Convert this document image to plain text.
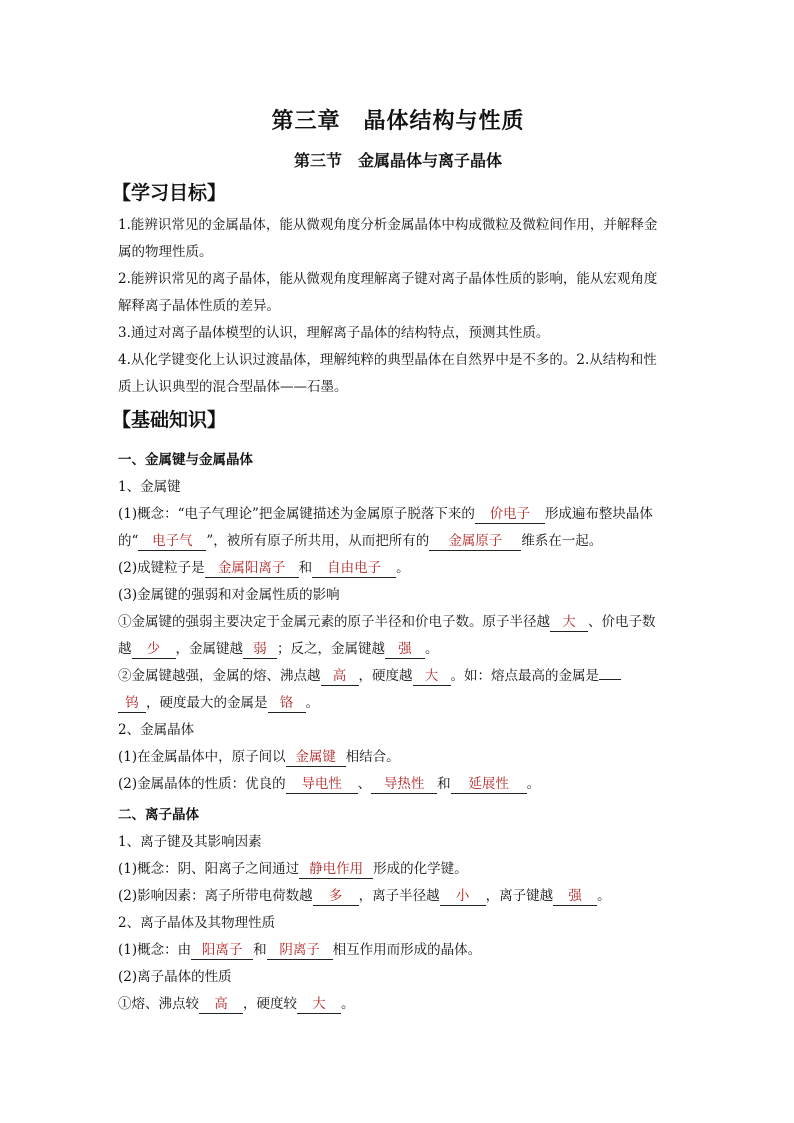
第三章　晶体结构与性质
第三节　金属晶体与离子晶体
【学习目标】
1.能辨识常见的金属晶体，能从微观角度分析金属晶体中构成微粒及微粒间作用，并解释金
属的物理性质。
2.能辨识常见的离子晶体，能从微观角度理解离子键对离子晶体性质的影响，能从宏观角度
解释离子晶体性质的差异。
3.通过对离子晶体模型的认识，理解离子晶体的结构特点，预测其性质。
4.从化学键变化上认识过渡晶体，理解纯粹的典型晶体在自然界中是不多的。2.从结构和性
质上认识典型的混合型晶体——石墨。
【基础知识】
一、金属键与金属晶体
1、金属键
(1)概念：“电子气理论”把金属键描述为金属原子脱落下来的 价电子 形成遍布整块晶体
的“ 电子气 ”，被所有原子所共用，从而把所有的 金属原子 维系在一起。
(2)成键粒子是 金属阳离子 和 自由电子 。
(3)金属键的强弱和对金属性质的影响
①金属键的强弱主要决定于金属元素的原子半径和价电子数。原子半径越 大 、价电子数
越 少 ，金属键越 弱 ；反之，金属键越 强 。
②金属键越强，金属的熔、沸点越 高 ，硬度越 大 。如：熔点最高的金属是
钨 ，硬度最大的金属是 铬 。
2、金属晶体
(1)在金属晶体中，原子间以 金属键 相结合。
(2)金属晶体的性质：优良的 导电性 、 导热性 和 延展性 。
二、离子晶体
1、离子键及其影响因素
(1)概念：阴、阳离子之间通过 静电作用 形成的化学键。
(2)影响因素：离子所带电荷数越 多 ，离子半径越 小 ，离子键越 强 。
2、离子晶体及其物理性质
(1)概念：由 阳离子 和 阴离子 相互作用而形成的晶体。
(2)离子晶体的性质
①熔、沸点较 高 ，硬度较 大 。
